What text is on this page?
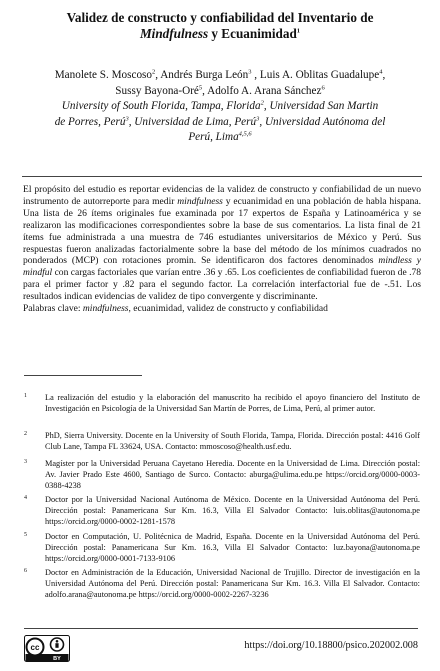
Validez de constructo y confiabilidad del Inventario de
Mindfulness y Ecuanimidad$^1$
Manolete S. Moscoso$^2$, Andrés Burga León$^3$ , Luis A. Oblitas Guadalupe$^4$,
Sussy Bayona-Oré$^5$, Adolfo A. Arana Sánchez$^6$
University of South Florida, Tampa, Florida$^2$, Universidad San Martin
de Porres, Perú$^3$, Universidad de Lima, Perú$^3$, Universidad Autónoma del
Perú, Lima$^{4,5,6}$

El propósito del estudio es reportar evidencias de la validez de constructo y confiabilidad de un nuevo instrumento de autorreporte para medir mindfulness y ecuanimidad en una población de habla hispana. Una lista de 26 ítems originales fue examinada por 17 expertos de España y Latinoamérica y se realizaron las modificaciones correspondientes sobre la base de sus comentarios. La lista final de 21 ítems fue administrada a una muestra de 746 estudiantes universitarios de México y Perú. Sus respuestas fueron analizadas factorialmente sobre la base del método de los mínimos cuadrados no ponderados (MCP) con rotaciones promin. Se identificaron dos factores denominados mindless y mindful con cargas factoriales que varían entre .36 y .65. Los coeficientes de confiabilidad fueron de .78 para el primer factor y .82 para el segundo factor. La correlación interfactorial fue de -.51. Los resultados indican evidencias de validez de tipo convergente y discriminante.

Palabras clave: mindfulness, ecuanimidad, validez de constructo y confiabilidad

1 La realización del estudio y la elaboración del manuscrito ha recibido el apoyo financiero del Instituto de Investigación en Psicología de la Universidad San Martín de Porres, de Lima, Perú, al primer autor.
2 PhD, Sierra University. Docente en la University of South Florida, Tampa, Florida. Dirección postal: 4416 Golf Club Lane, Tampa FL 33624, USA. Contacto: mmoscoso@health.usf.edu.
3 Magíster por la Universidad Peruana Cayetano Heredia. Docente en la Universidad de Lima. Dirección postal: Av. Javier Prado Este 4600, Santiago de Surco. Contacto: aburga@ulima.edu.pe https://orcid.org/0000-0003-0388-4238
4 Doctor por la Universidad Nacional Autónoma de México. Docente en la Universidad Autónoma del Perú. Dirección postal: Panamericana Sur Km. 16.3, Villa El Salvador Contacto: luis.oblitas@autonoma.pe https://orcid.org/0000-0002-1281-1578
5 Doctor en Computación, U. Politécnica de Madrid, España. Docente en la Universidad Autónoma del Perú. Dirección postal: Panamericana Sur Km. 16.3, Villa El Salvador Contacto: luz.bayona@autonoma.pe https://orcid.org/0000-0001-7133-9106
6 Doctor en Administración de la Educación, Universidad Nacional de Trujillo. Director de investigación en la Universidad Autónoma del Perú. Dirección postal: Panamericana Sur Km. 16.3. Villa El Salvador. Contacto: adolfo.arana@autonoma.pe https://orcid.org/0000-0002-2267-3236
cc
BY
https://doi.org/10.18800/psico.202002.008
